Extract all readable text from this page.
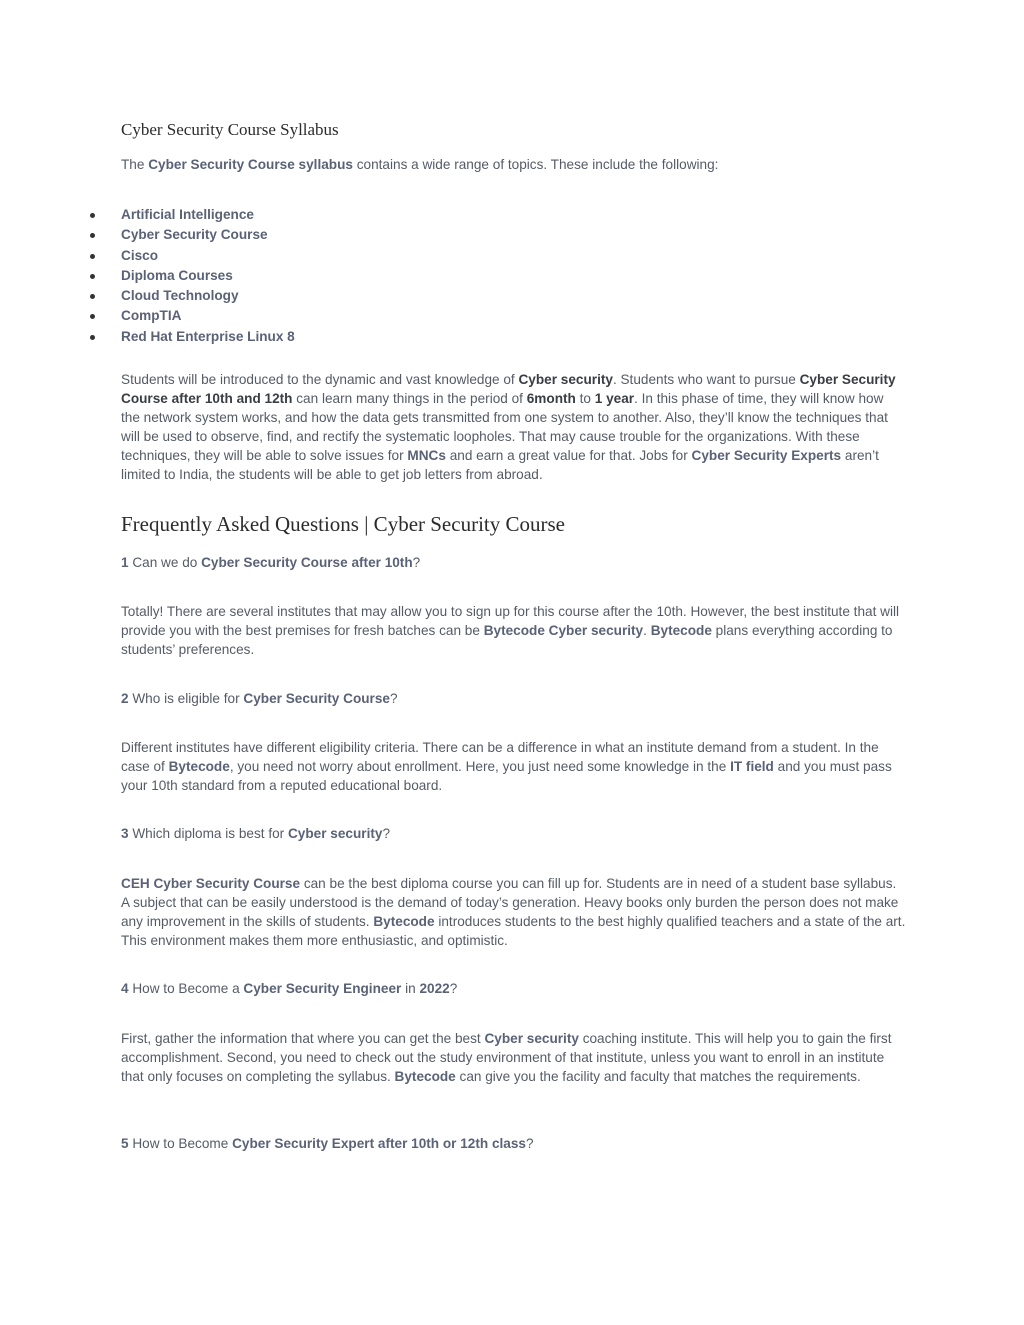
Cyber Security Course Syllabus

The Cyber Security Course syllabus contains a wide range of topics. These include the following:

Artificial Intelligence
Cyber Security Course
Cisco
Diploma Courses
Cloud Technology
CompTIA
Red Hat Enterprise Linux 8

Students will be introduced to the dynamic and vast knowledge of Cyber security. Students who want to pursue Cyber Security Course after 10th and 12th can learn many things in the period of 6month to 1 year. In this phase of time, they will know how the network system works, and how the data gets transmitted from one system to another. Also, they’ll know the techniques that will be used to observe, find, and rectify the systematic loopholes. That may cause trouble for the organizations. With these techniques, they will be able to solve issues for MNCs and earn a great value for that. Jobs for Cyber Security Experts aren’t limited to India, the students will be able to get job letters from abroad.

Frequently Asked Questions | Cyber Security Course

1 Can we do Cyber Security Course after 10th?

Totally! There are several institutes that may allow you to sign up for this course after the 10th. However, the best institute that will provide you with the best premises for fresh batches can be Bytecode Cyber security. Bytecode plans everything according to students’ preferences.

2 Who is eligible for Cyber Security Course?

Different institutes have different eligibility criteria. There can be a difference in what an institute demand from a student. In the case of Bytecode, you need not worry about enrollment. Here, you just need some knowledge in the IT field and you must pass your 10th standard from a reputed educational board.

3 Which diploma is best for Cyber security?

CEH Cyber Security Course can be the best diploma course you can fill up for. Students are in need of a student base syllabus. A subject that can be easily understood is the demand of today’s generation. Heavy books only burden the person does not make any improvement in the skills of students. Bytecode introduces students to the best highly qualified teachers and a state of the art. This environment makes them more enthusiastic, and optimistic.

4 How to Become a Cyber Security Engineer in 2022?

First, gather the information that where you can get the best Cyber security coaching institute. This will help you to gain the first accomplishment. Second, you need to check out the study environment of that institute, unless you want to enroll in an institute that only focuses on completing the syllabus. Bytecode can give you the facility and faculty that matches the requirements.

5 How to Become Cyber Security Expert after 10th or 12th class?
